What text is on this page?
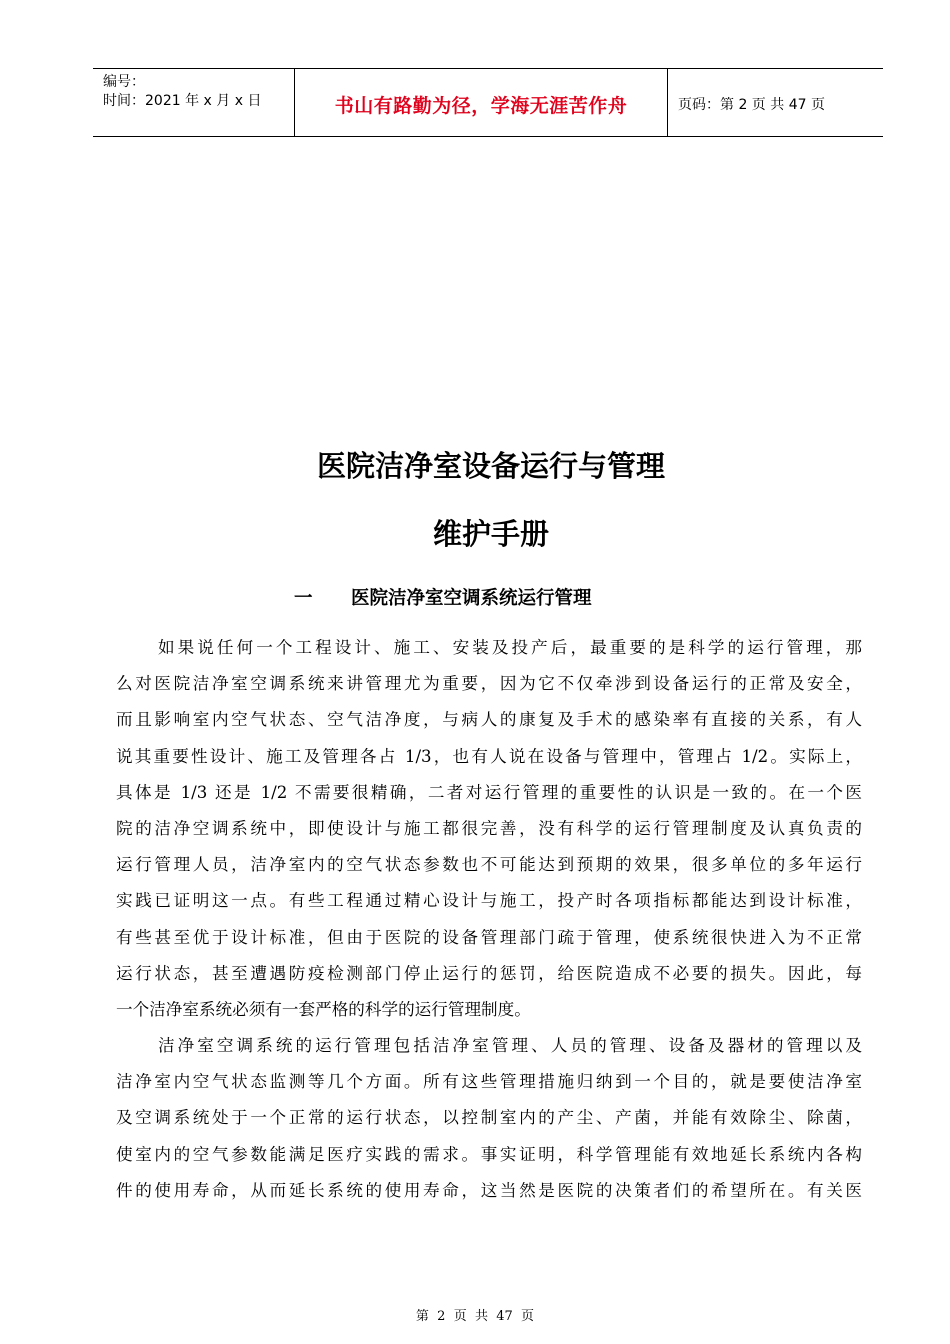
编号：
时间：2021 年 x 月 x 日	书山有路勤为径，学海无涯苦作舟	页码：第 2 页 共 47 页
医院洁净室设备运行与管理
维护手册
一 医院洁净室空调系统运行管理
如果说任何一个工程设计、施工、安装及投产后，最重要的是科学的运行管理，那
么对医院洁净室空调系统来讲管理尤为重要，因为它不仅牵涉到设备运行的正常及安全，
而且影响室内空气状态、空气洁净度，与病人的康复及手术的感染率有直接的关系，有人
说其重要性设计、施工及管理各占 1/3，也有人说在设备与管理中，管理占 1/2。实际上，
具体是 1/3 还是 1/2 不需要很精确，二者对运行管理的重要性的认识是一致的。在一个医
院的洁净空调系统中，即使设计与施工都很完善，没有科学的运行管理制度及认真负责的
运行管理人员，洁净室内的空气状态参数也不可能达到预期的效果，很多单位的多年运行
实践已证明这一点。有些工程通过精心设计与施工，投产时各项指标都能达到设计标准，
有些甚至优于设计标准，但由于医院的设备管理部门疏于管理，使系统很快进入为不正常
运行状态，甚至遭遇防疫检测部门停止运行的惩罚，给医院造成不必要的损失。因此，每
一个洁净室系统必须有一套严格的科学的运行管理制度。
洁净室空调系统的运行管理包括洁净室管理、人员的管理、设备及器材的管理以及
洁净室内空气状态监测等几个方面。所有这些管理措施归纳到一个目的，就是要使洁净室
及空调系统处于一个正常的运行状态，以控制室内的产尘、产菌，并能有效除尘、除菌，
使室内的空气参数能满足医疗实践的需求。事实证明，科学管理能有效地延长系统内各构
件的使用寿命，从而延长系统的使用寿命，这当然是医院的决策者们的希望所在。有关医
第  2  页  共  47  页
